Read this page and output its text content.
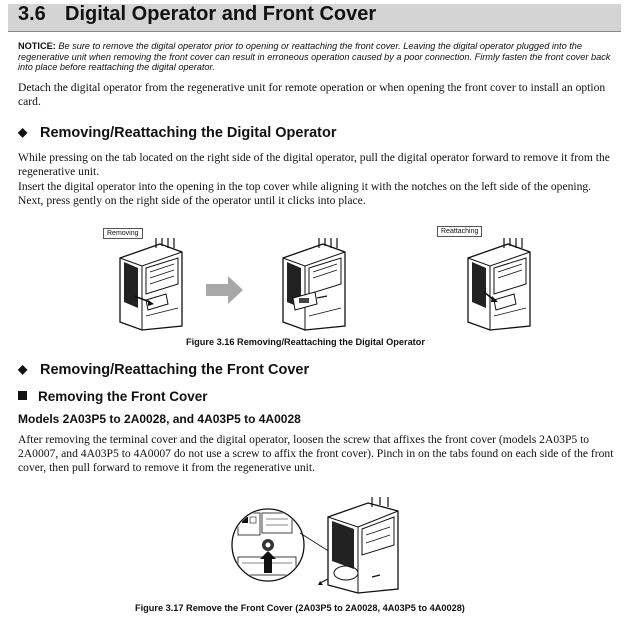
3.6 Digital Operator and Front Cover
NOTICE: Be sure to remove the digital operator prior to opening or reattaching the front cover. Leaving the digital operator plugged into the regenerative unit when removing the front cover can result in erroneous operation caused by a poor connection. Firmly fasten the front cover back into place before reattaching the digital operator.
Detach the digital operator from the regenerative unit for remote operation or when opening the front cover to install an option card.
◆ Removing/Reattaching the Digital Operator
While pressing on the tab located on the right side of the digital operator, pull the digital operator forward to remove it from the regenerative unit.
Insert the digital operator into the opening in the top cover while aligning it with the notches on the left side of the opening. Next, press gently on the right side of the operator until it clicks into place.
Removing	Reattaching
Figure 3.16 Removing/Reattaching the Digital Operator
◆ Removing/Reattaching the Front Cover
Removing the Front Cover
Models 2A03P5 to 2A0028, and 4A03P5 to 4A0028
After removing the terminal cover and the digital operator, loosen the screw that affixes the front cover (models 2A03P5 to 2A0007, and 4A03P5 to 4A0007 do not use a screw to affix the front cover). Pinch in on the tabs found on each side of the front cover, then pull forward to remove it from the regenerative unit.
Figure 3.17 Remove the Front Cover (2A03P5 to 2A0028, 4A03P5 to 4A0028)
